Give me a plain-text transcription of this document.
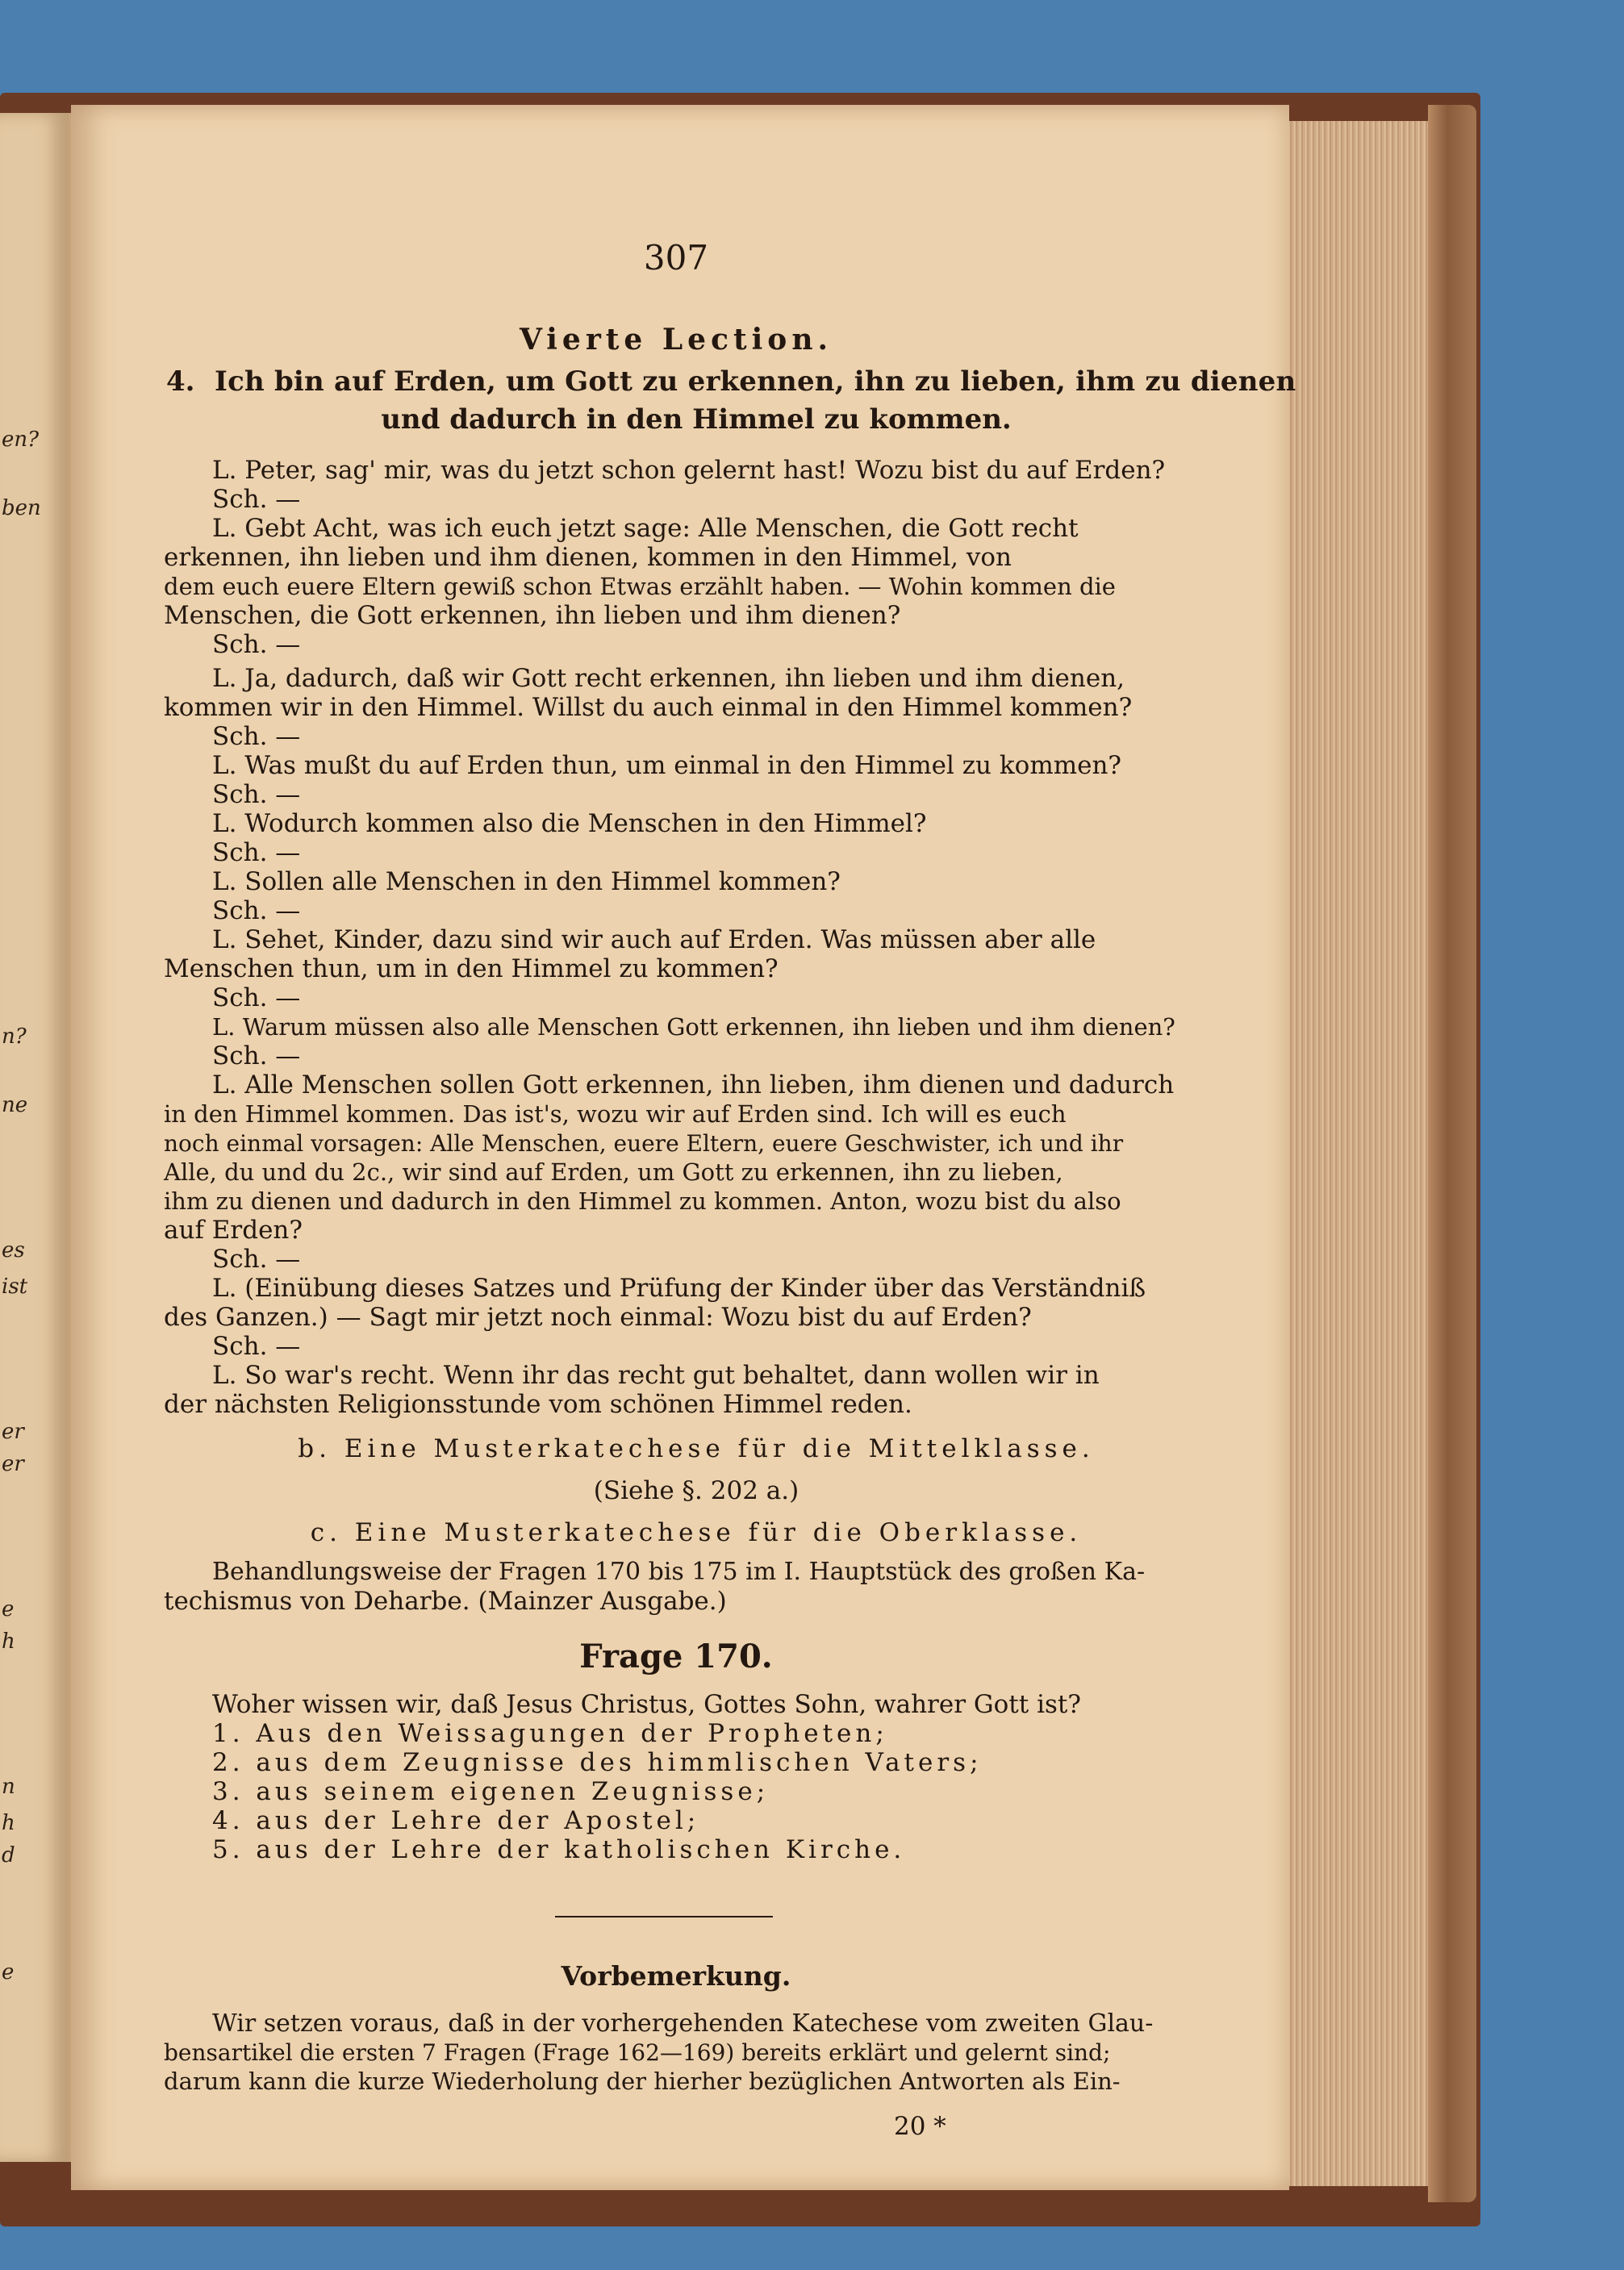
en?
ben
n?
ne
es
ist
er
er
e
h
n
h
d
e
307
Vierte Lection.
4. Ich bin auf Erden, um Gott zu erkennen, ihn zu lieben, ihm zu dienen
und dadurch in den Himmel zu kommen.
L. Peter, sag' mir, was du jetzt schon gelernt hast! Wozu bist du auf Erden?
Sch. —
L. Gebt Acht, was ich euch jetzt sage: Alle Menschen, die Gott recht
erkennen, ihn lieben und ihm dienen, kommen in den Himmel, von
dem euch euere Eltern gewiß schon Etwas erzählt haben. — Wohin kommen die
Menschen, die Gott erkennen, ihn lieben und ihm dienen?
Sch. —
L. Ja, dadurch, daß wir Gott recht erkennen, ihn lieben und ihm dienen,
kommen wir in den Himmel. Willst du auch einmal in den Himmel kommen?
Sch. —
L. Was mußt du auf Erden thun, um einmal in den Himmel zu kommen?
Sch. —
L. Wodurch kommen also die Menschen in den Himmel?
Sch. —
L. Sollen alle Menschen in den Himmel kommen?
Sch. —
L. Sehet, Kinder, dazu sind wir auch auf Erden. Was müssen aber alle
Menschen thun, um in den Himmel zu kommen?
Sch. —
L. Warum müssen also alle Menschen Gott erkennen, ihn lieben und ihm dienen?
Sch. —
L. Alle Menschen sollen Gott erkennen, ihn lieben, ihm dienen und dadurch
in den Himmel kommen. Das ist's, wozu wir auf Erden sind. Ich will es euch
noch einmal vorsagen: Alle Menschen, euere Eltern, euere Geschwister, ich und ihr
Alle, du und du 2c., wir sind auf Erden, um Gott zu erkennen, ihn zu lieben,
ihm zu dienen und dadurch in den Himmel zu kommen. Anton, wozu bist du also
auf Erden?
Sch. —
L. (Einübung dieses Satzes und Prüfung der Kinder über das Verständniß
des Ganzen.) — Sagt mir jetzt noch einmal: Wozu bist du auf Erden?
Sch. —
L. So war's recht. Wenn ihr das recht gut behaltet, dann wollen wir in
der nächsten Religionsstunde vom schönen Himmel reden.
b. Eine Musterkatechese für die Mittelklasse.
(Siehe §. 202 a.)
c. Eine Musterkatechese für die Oberklasse.
Behandlungsweise der Fragen 170 bis 175 im I. Hauptstück des großen Ka-
techismus von Deharbe. (Mainzer Ausgabe.)
Frage 170.
Woher wissen wir, daß Jesus Christus, Gottes Sohn, wahrer Gott ist?
1. Aus den Weissagungen der Propheten;
2. aus dem Zeugnisse des himmlischen Vaters;
3. aus seinem eigenen Zeugnisse;
4. aus der Lehre der Apostel;
5. aus der Lehre der katholischen Kirche.
Vorbemerkung.
Wir setzen voraus, daß in der vorhergehenden Katechese vom zweiten Glau-
bensartikel die ersten 7 Fragen (Frage 162—169) bereits erklärt und gelernt sind;
darum kann die kurze Wiederholung der hierher bezüglichen Antworten als Ein-
20 *
